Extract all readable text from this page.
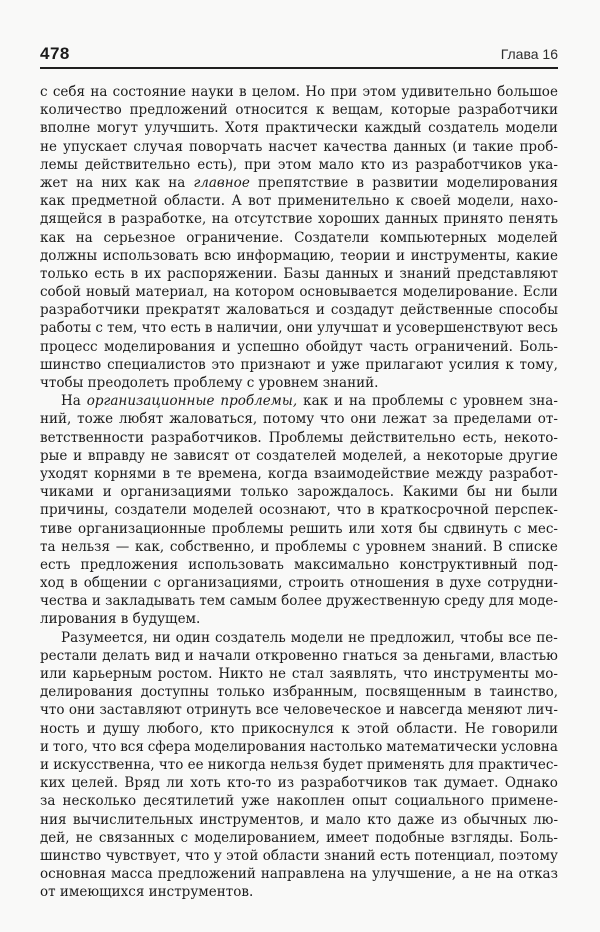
478	Глава 16
с себя на состояние науки в целом. Но при этом удивительно большое
количество предложений относится к вещам, которые разработчики
вполне могут улучшить. Хотя практически каждый создатель модели
не упускает случая поворчать насчет качества данных (и такие проб-
лемы действительно есть), при этом мало кто из разработчиков ука-
жет на них как на главное препятствие в развитии моделирования
как предметной области. А вот применительно к своей модели, нахо-
дящейся в разработке, на отсутствие хороших данных принято пенять
как на серьезное ограничение. Создатели компьютерных моделей
должны использовать всю информацию, теории и инструменты, какие
только есть в их распоряжении. Базы данных и знаний представляют
собой новый материал, на котором основывается моделирование. Если
разработчики прекратят жаловаться и создадут действенные способы
работы с тем, что есть в наличии, они улучшат и усовершенствуют весь
процесс моделирования и успешно обойдут часть ограничений. Боль-
шинство специалистов это признают и уже прилагают усилия к тому,
чтобы преодолеть проблему с уровнем знаний.
На организационные проблемы, как и на проблемы с уровнем зна-
ний, тоже любят жаловаться, потому что они лежат за пределами от-
ветственности разработчиков. Проблемы действительно есть, некото-
рые и вправду не зависят от создателей моделей, а некоторые другие
уходят корнями в те времена, когда взаимодействие между разработ-
чиками и организациями только зарождалось. Какими бы ни были
причины, создатели моделей осознают, что в краткосрочной перспек-
тиве организационные проблемы решить или хотя бы сдвинуть с мес-
та нельзя — как, собственно, и проблемы с уровнем знаний. В списке
есть предложения использовать максимально конструктивный под-
ход в общении с организациями, строить отношения в духе сотрудни-
чества и закладывать тем самым более дружественную среду для моде-
лирования в будущем.
Разумеется, ни один создатель модели не предложил, чтобы все пе-
рестали делать вид и начали откровенно гнаться за деньгами, властью
или карьерным ростом. Никто не стал заявлять, что инструменты мо-
делирования доступны только избранным, посвященным в таинство,
что они заставляют отринуть все человеческое и навсегда меняют лич-
ность и душу любого, кто прикоснулся к этой области. Не говорили
и того, что вся сфера моделирования настолько математически условна
и искусственна, что ее никогда нельзя будет применять для практичес-
ких целей. Вряд ли хоть кто-то из разработчиков так думает. Однако
за несколько десятилетий уже накоплен опыт социального примене-
ния вычислительных инструментов, и мало кто даже из обычных лю-
дей, не связанных с моделированием, имеет подобные взгляды. Боль-
шинство чувствует, что у этой области знаний есть потенциал, поэтому
основная масса предложений направлена на улучшение, а не на отказ
от имеющихся инструментов.
